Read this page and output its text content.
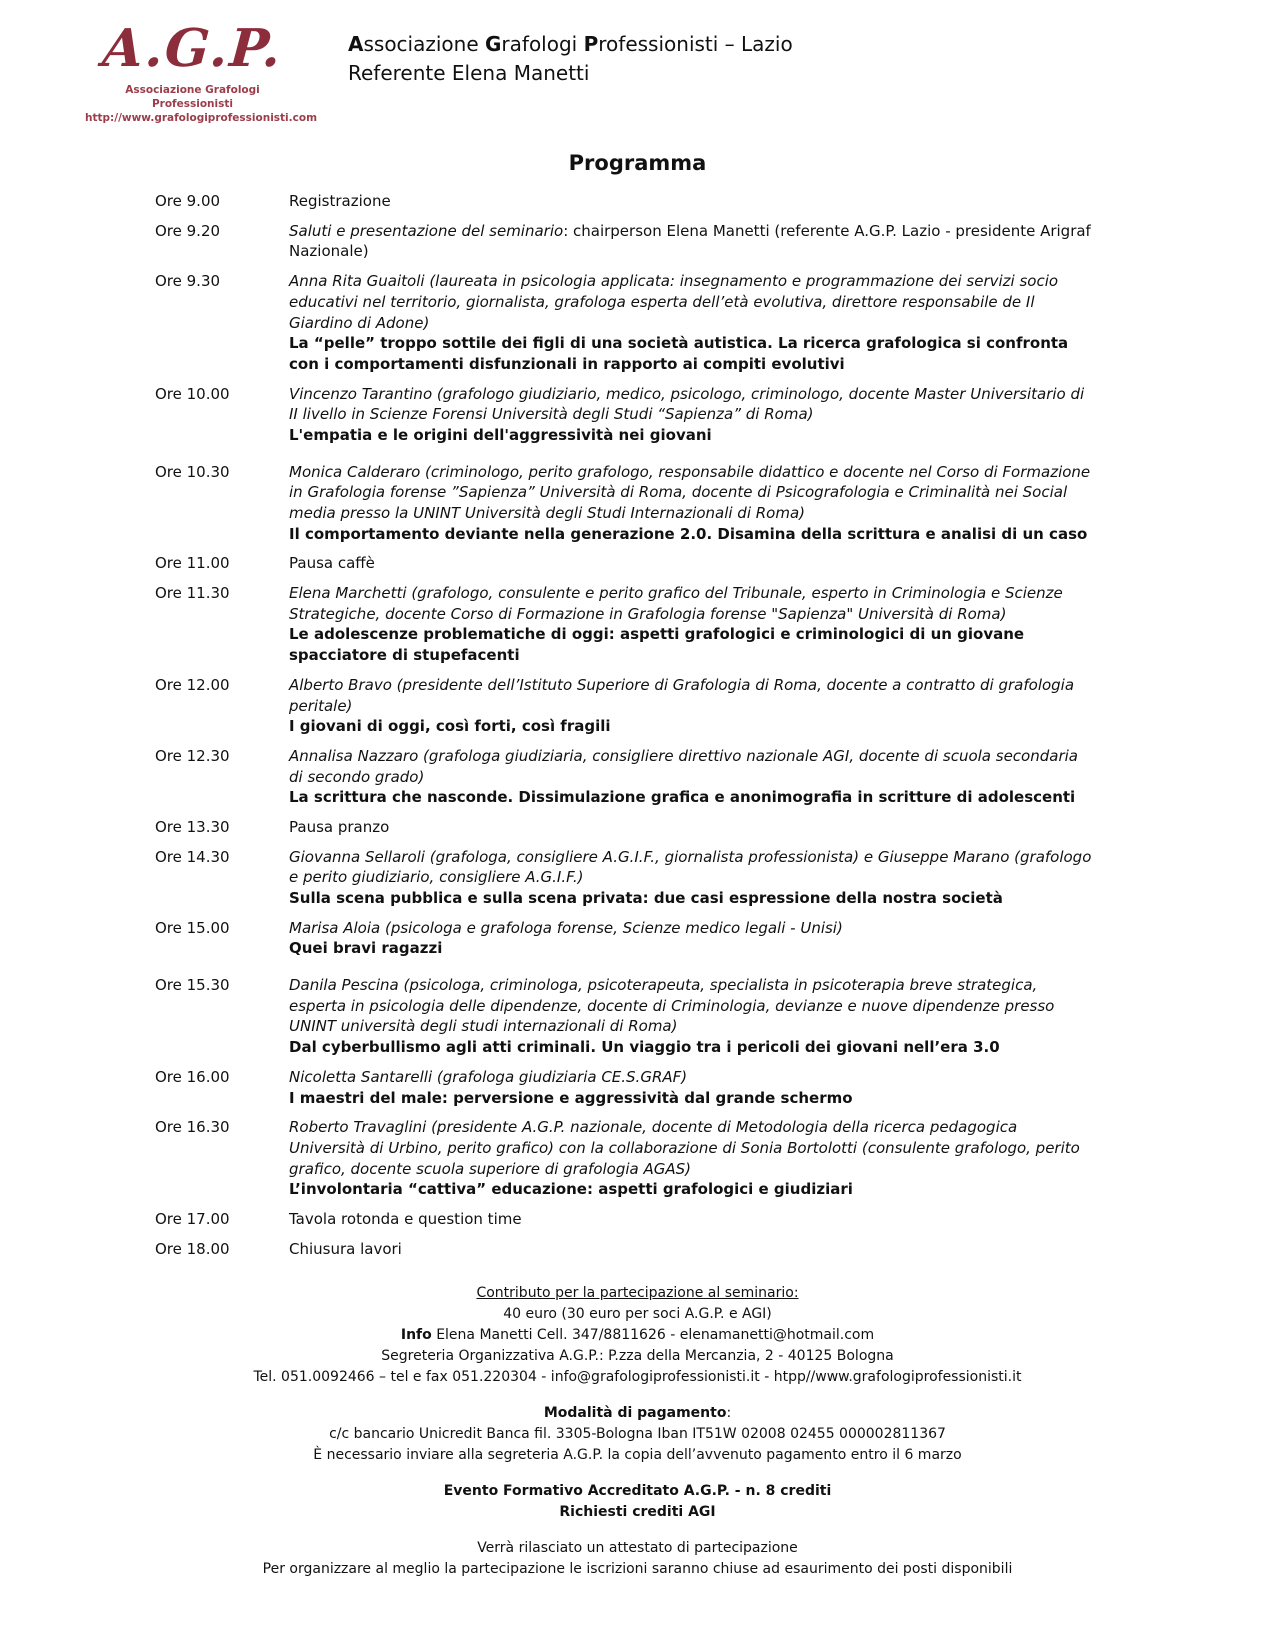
A.G.P.
Associazione Grafologi Professionisti
http://www.grafologiprofessionisti.com
Associazione Grafologi Professionisti – Lazio
Referente Elena Manetti
Programma
Ore 9.00	Registrazione
Ore 9.20	Saluti e presentazione del seminario: chairperson Elena Manetti (referente A.G.P. Lazio - presidente Arigraf Nazionale)
Ore 9.30	Anna Rita Guaitoli (laureata in psicologia applicata: insegnamento e programmazione dei servizi socio educativi nel territorio, giornalista, grafologa esperta dell’età evolutiva, direttore responsabile de Il Giardino di Adone)
La “pelle” troppo sottile dei figli di una società autistica. La ricerca grafologica si confronta con i comportamenti disfunzionali in rapporto ai compiti evolutivi
Ore 10.00	Vincenzo Tarantino (grafologo giudiziario, medico, psicologo, criminologo, docente Master Universitario di II livello in Scienze Forensi Università degli Studi “Sapienza” di Roma)
L'empatia e le origini dell'aggressività nei giovani
Ore 10.30	Monica Calderaro (criminologo, perito grafologo, responsabile didattico e docente nel Corso di Formazione in Grafologia forense ”Sapienza” Università di Roma, docente di Psicografologia e Criminalità nei Social media presso la UNINT Università degli Studi Internazionali di Roma)
Il comportamento deviante nella generazione 2.0. Disamina della scrittura e analisi di un caso
Ore 11.00	Pausa caffè
Ore 11.30	Elena Marchetti (grafologo, consulente e perito grafico del Tribunale, esperto in Criminologia e Scienze Strategiche, docente Corso di Formazione in Grafologia forense "Sapienza" Università di Roma)
Le adolescenze problematiche di oggi: aspetti grafologici e criminologici di un giovane spacciatore di stupefacenti
Ore 12.00	Alberto Bravo (presidente dell’Istituto Superiore di Grafologia di Roma, docente a contratto di grafologia peritale)
I giovani di oggi, così forti, così fragili
Ore 12.30	Annalisa Nazzaro (grafologa giudiziaria, consigliere direttivo nazionale AGI, docente di scuola secondaria di secondo grado)
La scrittura che nasconde. Dissimulazione grafica e anonimografia in scritture di adolescenti
Ore 13.30	Pausa pranzo
Ore 14.30	Giovanna Sellaroli (grafologa, consigliere A.G.I.F., giornalista professionista) e Giuseppe Marano (grafologo e perito giudiziario, consigliere A.G.I.F.)
Sulla scena pubblica e sulla scena privata: due casi espressione della nostra società
Ore 15.00	Marisa Aloia (psicologa e grafologa forense, Scienze medico legali - Unisi)
Quei bravi ragazzi
Ore 15.30	Danila Pescina (psicologa, criminologa, psicoterapeuta, specialista in psicoterapia breve strategica, esperta in psicologia delle dipendenze, docente di Criminologia, devianze e nuove dipendenze presso UNINT università degli studi internazionali di Roma)
Dal cyberbullismo agli atti criminali. Un viaggio tra i pericoli dei giovani nell’era 3.0
Ore 16.00	Nicoletta Santarelli (grafologa giudiziaria CE.S.GRAF)
I maestri del male: perversione e aggressività dal grande schermo
Ore 16.30	Roberto Travaglini (presidente A.G.P. nazionale, docente di Metodologia della ricerca pedagogica Università di Urbino, perito grafico) con la collaborazione di Sonia Bortolotti (consulente grafologo, perito grafico, docente scuola superiore di grafologia AGAS)
L’involontaria “cattiva” educazione: aspetti grafologici e giudiziari
Ore 17.00	Tavola rotonda e question time
Ore 18.00	Chiusura lavori
Contributo per la partecipazione al seminario:
40 euro (30 euro per soci A.G.P. e AGI)
Info Elena Manetti Cell. 347/8811626 - elenamanetti@hotmail.com
Segreteria Organizzativa A.G.P.: P.zza della Mercanzia, 2 - 40125 Bologna
Tel. 051.0092466 – tel e fax 051.220304 - info@grafologiprofessionisti.it - htpp//www.grafologiprofessionisti.it
Modalità di pagamento:
c/c bancario Unicredit Banca fil. 3305-Bologna Iban IT51W 02008 02455 000002811367
È necessario inviare alla segreteria A.G.P. la copia dell’avvenuto pagamento entro il 6 marzo
Evento Formativo Accreditato A.G.P. - n. 8 crediti
Richiesti crediti AGI
Verrà rilasciato un attestato di partecipazione
Per organizzare al meglio la partecipazione le iscrizioni saranno chiuse ad esaurimento dei posti disponibili
